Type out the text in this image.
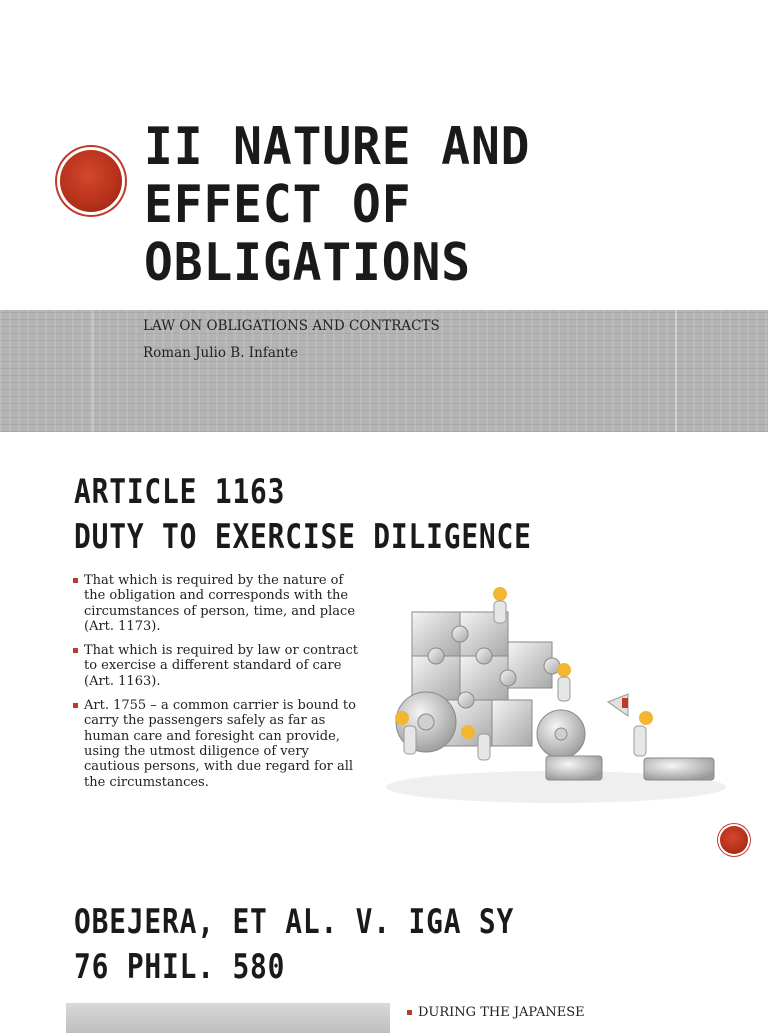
II NATURE AND EFFECT OF OBLIGATIONS
LAW ON OBLIGATIONS AND CONTRACTS
Roman Julio B. Infante
ARTICLE 1163
DUTY TO EXERCISE DILIGENCE
That which is required by the nature of the obligation and corresponds with the circumstances of person, time, and place (Art. 1173).
That which is required by law or contract to exercise a different standard of care (Art. 1163).
Art. 1755 – a common carrier is bound to carry the passengers safely as far as human care and foresight can provide, using the utmost diligence of very cautious persons, with due regard for all the circumstances.
OBEJERA, ET AL. V. IGA SY
76 PHIL. 580
DURING THE JAPANESE
